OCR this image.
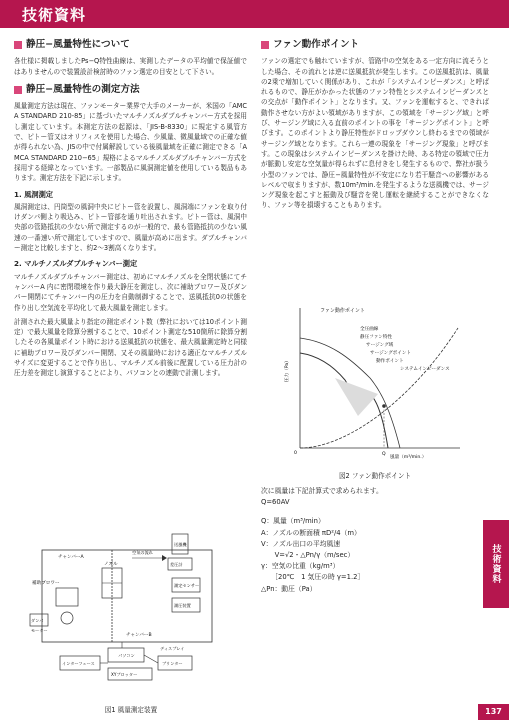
技術資料
静圧−風量特性について

各仕様に掲載しましたPs−Q特性曲線は、実測したデータの平均値で保証値ではありませんので装置設計検討時のファン選定の目安として下さい。

静圧−風量特性の測定方法

風量測定方法は現在、ファンモーター業界で大手のメーカーが、米国の「AMCA STANDARD 210-85」に基づいたマルチノズルダブルチャンバー方式を採用し測定しています。本測定方法の起源は、「JIS-B-8330」に規定する風管方で、ピトー管又はオリフィスを使用した場合、少風量、微風量域での正確な値が得られない為、JISの中で付属解説している後風量域を正確に測定できる「AMCA STANDARD 210−65」規格によるマルチノズルダブルチャンバー方式を採用する経緯となっています。一部製品に風洞測定値を使用している製品もあります。測定方法を下記に示します。

1. 風洞測定

風洞測定は、円筒型の風洞中央にピトー管を設置し、風洞端にファンを取り付けダンパ側より吸込み、ピトー管部を通り吐出されます。ピトー管は、風洞中央部の管路抵抗の少ない所で測定するのが一般的で、最も管路抵抗の少ない風速の一番速い所で測定していますので、風量が高めに出ます。ダブルチャンバー測定と比較しますと、約2〜3割高くなります。

2. マルチノズルダブルチャンバー測定

マルチノズルダブルチャンバー測定は、初めにマルチノズルを全閉状態にてチャンバーA 内に密閉環境を作り最大静圧を測定し、次に補助ブロワー及びダンパー開閉にてチャンバー内の圧力を自動制御することで、送風抵抗0の状態を作り出し空気流を平均化して最大風量を測定します。

計測された最大風量より指定の測定ポイント数（弊社においては10ポイント測定）で最大風量を除算分割することで、10ポイント測定な510箇所に除算分割したその各風量ポイント時における送風抵抗の状態を、最大風量測定時と同様に補助ブロワー及びダンパー開閉、又その風量時における適正なマルチノズルサイズに変更することで作り出し、マルチノズル前後に配置している圧力計の圧力差を測定し演算することにより、パソコンとの連動で計測します。

補助ブロワー
ダンパ
モーター
チャンバーA
ノズル
チャンバーB
空気の流れ
送風機
差圧計
測定センサー
測圧装置
インターフェース
パソコン
XYプロッター
プリンター
ディスプレイ
図1 風量測定装置
ファン動作ポイント

ファンの選定でも触れていますが、管路中の空気をある一定方向に流そうとした場合、その流れとは逆に送風抵抗が発生します。この送風抵抗は、風量の2乗で増加していく関係があり、これが「システムインピーダンス」と呼ばれるもので、静圧がかかった状態のファン特性とシステムインピーダンスとの交点が「動作ポイント」となります。又、ファンを運転すると、できれば動作させない方がよい領域がありますが、この領域を「サージング域」と呼び、サージング域に入る直前のポイントの事を「サージングポイント」と呼びます。このポイントより静圧特性がドロップダウンし終わるまでの領域がサージング域となります。これら一連の現象を「サージング現象」と呼びます。この現象はシステムインピーダンスを掛けた時、ある特定の領域で圧力が脈動し安定な空気量が得られずに息付きをし発生するもので、弊社が扱う小型のファンでは、静圧−風量特性が不安定になり若干騒音への影響があるレベルで収まりますが、数10m³/min.を発生するような送風機では、サージング現象を起こすと振動及び騒音を発し運転を継続することができなくなり、ファン等を損壊することもあります。

ファン動作ポイント
全圧曲線
静圧ファン特性
サージング域
サージングポイント
動作ポイント
システムインピーダンス
圧力（Pa）
風量（m³/min.）
0	Q
図2 ファン動作ポイント
次に風量は下記計算式で求められます。
Q=60AV
Q：風量（m³/min）
A：ノズルの断面積 πD²/4（m）
V：ノズル出口の平均風速
　　V=√2・△Pn/γ（m/sec）
γ：空気の比重（kg/m³）
　　［20℃　1 気圧の時 γ=1.2］
△Pn：動圧（Pa）
技術資料
137
